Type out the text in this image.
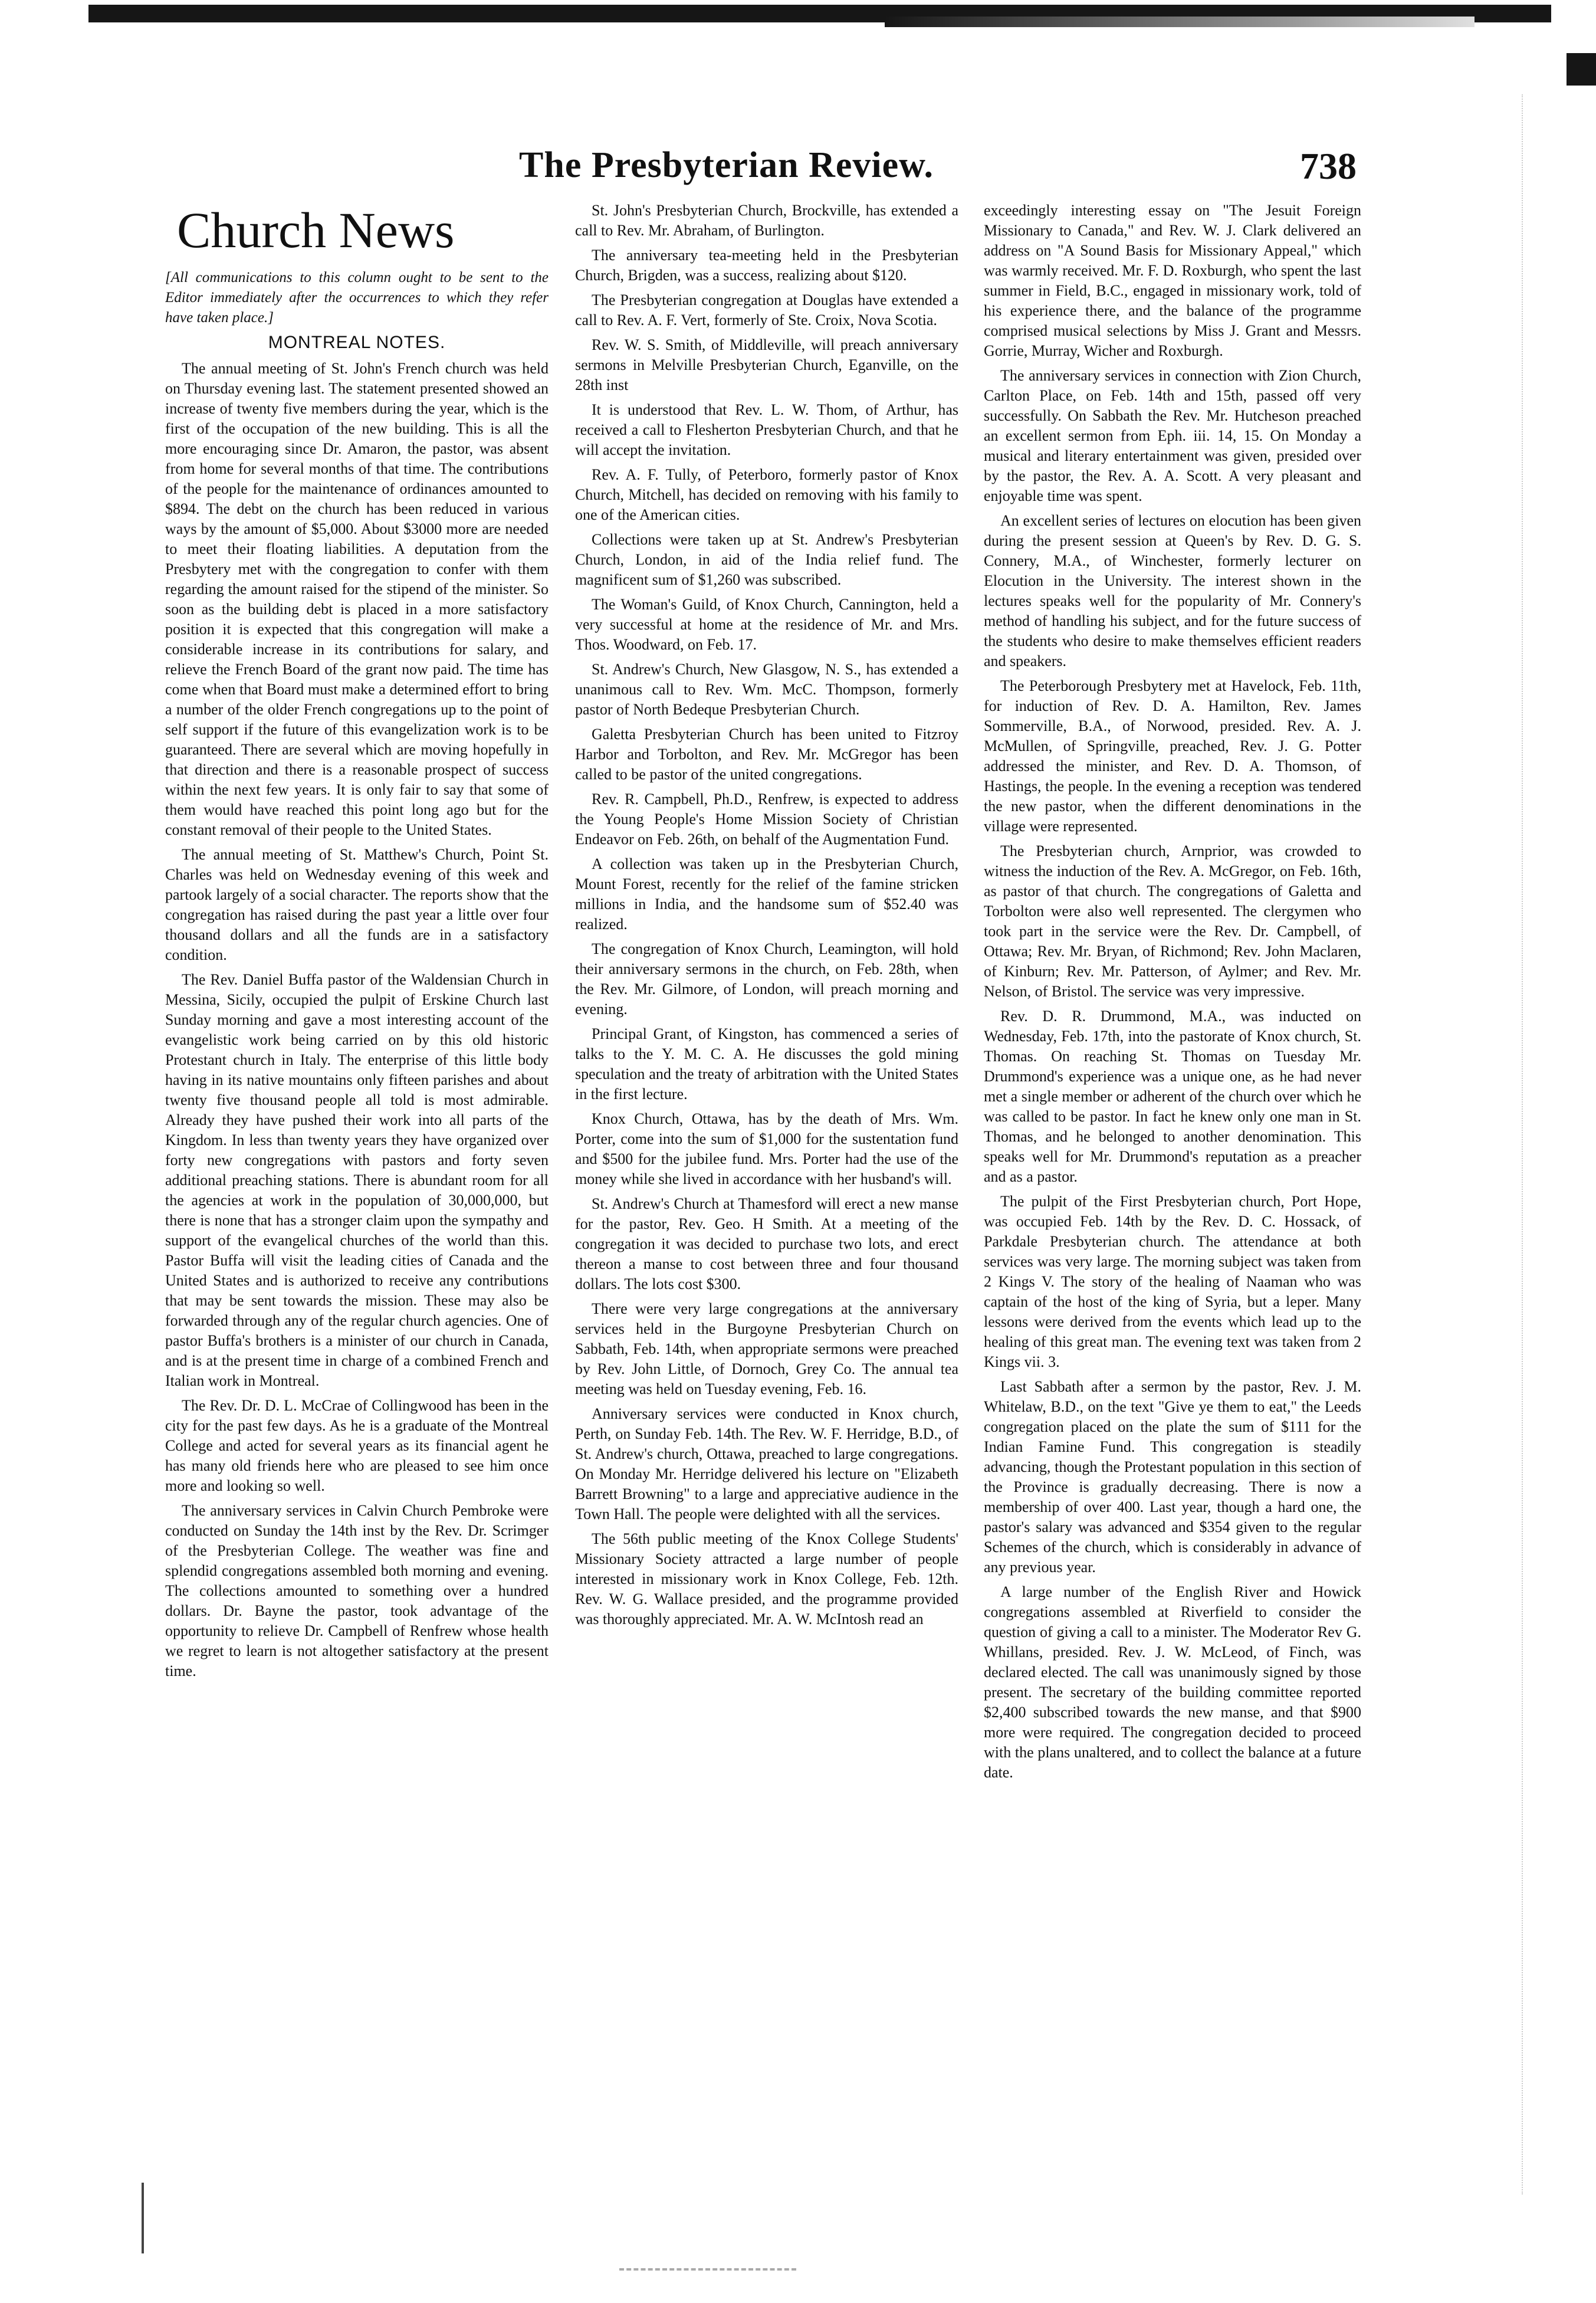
The Presbyterian Review.	738
Church News

[All communications to this column ought to be sent to the Editor immediately after the occurrences to which they refer have taken place.]

MONTREAL NOTES.

The annual meeting of St. John's French church was held on Thursday evening last. The statement presented showed an increase of twenty five members during the year, which is the first of the occupation of the new building. This is all the more encouraging since Dr. Amaron, the pastor, was absent from home for several months of that time. The contributions of the people for the maintenance of ordinances amounted to $894. The debt on the church has been reduced in various ways by the amount of $5,000. About $3000 more are needed to meet their floating liabilities. A deputation from the Presbytery met with the congregation to confer with them regarding the amount raised for the stipend of the minister. So soon as the building debt is placed in a more satisfactory position it is expected that this congregation will make a considerable increase in its contributions for salary, and relieve the French Board of the grant now paid. The time has come when that Board must make a determined effort to bring a number of the older French congregations up to the point of self support if the future of this evangelization work is to be guaranteed. There are several which are moving hopefully in that direction and there is a reasonable prospect of success within the next few years. It is only fair to say that some of them would have reached this point long ago but for the constant removal of their people to the United States.

The annual meeting of St. Matthew's Church, Point St. Charles was held on Wednesday evening of this week and partook largely of a social character. The reports show that the congregation has raised during the past year a little over four thousand dollars and all the funds are in a satisfactory condition.

The Rev. Daniel Buffa pastor of the Waldensian Church in Messina, Sicily, occupied the pulpit of Erskine Church last Sunday morning and gave a most interesting account of the evangelistic work being carried on by this old historic Protestant church in Italy. The enterprise of this little body having in its native mountains only fifteen parishes and about twenty five thousand people all told is most admirable. Already they have pushed their work into all parts of the Kingdom. In less than twenty years they have organized over forty new congregations with pastors and forty seven additional preaching stations. There is abundant room for all the agencies at work in the population of 30,000,000, but there is none that has a stronger claim upon the sympathy and support of the evangelical churches of the world than this. Pastor Buffa will visit the leading cities of Canada and the United States and is authorized to receive any contributions that may be sent towards the mission. These may also be forwarded through any of the regular church agencies. One of pastor Buffa's brothers is a minister of our church in Canada, and is at the present time in charge of a combined French and Italian work in Montreal.

The Rev. Dr. D. L. McCrae of Collingwood has been in the city for the past few days. As he is a graduate of the Montreal College and acted for several years as its financial agent he has many old friends here who are pleased to see him once more and looking so well.

The anniversary services in Calvin Church Pembroke were conducted on Sunday the 14th inst by the Rev. Dr. Scrimger of the Presbyterian College. The weather was fine and splendid congregations assembled both morning and evening. The collections amounted to something over a hundred dollars. Dr. Bayne the pastor, took advantage of the opportunity to relieve Dr. Campbell of Renfrew whose health we regret to learn is not altogether satisfactory at the present time.

St. John's Presbyterian Church, Brockville, has extended a call to Rev. Mr. Abraham, of Burlington.

The anniversary tea-meeting held in the Presbyterian Church, Brigden, was a success, realizing about $120.

The Presbyterian congregation at Douglas have extended a call to Rev. A. F. Vert, formerly of Ste. Croix, Nova Scotia.

Rev. W. S. Smith, of Middleville, will preach anniversary sermons in Melville Presbyterian Church, Eganville, on the 28th inst

It is understood that Rev. L. W. Thom, of Arthur, has received a call to Flesherton Presbyterian Church, and that he will accept the invitation.

Rev. A. F. Tully, of Peterboro, formerly pastor of Knox Church, Mitchell, has decided on removing with his family to one of the American cities.

Collections were taken up at St. Andrew's Presbyterian Church, London, in aid of the India relief fund. The magnificent sum of $1,260 was subscribed.

The Woman's Guild, of Knox Church, Cannington, held a very successful at home at the residence of Mr. and Mrs. Thos. Woodward, on Feb. 17.

St. Andrew's Church, New Glasgow, N. S., has extended a unanimous call to Rev. Wm. McC. Thompson, formerly pastor of North Bedeque Presbyterian Church.

Galetta Presbyterian Church has been united to Fitzroy Harbor and Torbolton, and Rev. Mr. McGregor has been called to be pastor of the united congregations.

Rev. R. Campbell, Ph.D., Renfrew, is expected to address the Young People's Home Mission Society of Christian Endeavor on Feb. 26th, on behalf of the Augmentation Fund.

A collection was taken up in the Presbyterian Church, Mount Forest, recently for the relief of the famine stricken millions in India, and the handsome sum of $52.40 was realized.

The congregation of Knox Church, Leamington, will hold their anniversary sermons in the church, on Feb. 28th, when the Rev. Mr. Gilmore, of London, will preach morning and evening.

Principal Grant, of Kingston, has commenced a series of talks to the Y. M. C. A. He discusses the gold mining speculation and the treaty of arbitration with the United States in the first lecture.

Knox Church, Ottawa, has by the death of Mrs. Wm. Porter, come into the sum of $1,000 for the sustentation fund and $500 for the jubilee fund. Mrs. Porter had the use of the money while she lived in accordance with her husband's will.

St. Andrew's Church at Thamesford will erect a new manse for the pastor, Rev. Geo. H Smith. At a meeting of the congregation it was decided to purchase two lots, and erect thereon a manse to cost between three and four thousand dollars. The lots cost $300.

There were very large congregations at the anniversary services held in the Burgoyne Presbyterian Church on Sabbath, Feb. 14th, when appropriate sermons were preached by Rev. John Little, of Dornoch, Grey Co. The annual tea meeting was held on Tuesday evening, Feb. 16.

Anniversary services were conducted in Knox church, Perth, on Sunday Feb. 14th. The Rev. W. F. Herridge, B.D., of St. Andrew's church, Ottawa, preached to large congregations. On Monday Mr. Herridge delivered his lecture on "Elizabeth Barrett Browning" to a large and appreciative audience in the Town Hall. The people were delighted with all the services.

The 56th public meeting of the Knox College Students' Missionary Society attracted a large number of people interested in missionary work in Knox College, Feb. 12th. Rev. W. G. Wallace presided, and the programme provided was thoroughly appreciated. Mr. A. W. McIntosh read an

exceedingly interesting essay on "The Jesuit Foreign Missionary to Canada," and Rev. W. J. Clark delivered an address on "A Sound Basis for Missionary Appeal," which was warmly received. Mr. F. D. Roxburgh, who spent the last summer in Field, B.C., engaged in missionary work, told of his experience there, and the balance of the programme comprised musical selections by Miss J. Grant and Messrs. Gorrie, Murray, Wicher and Roxburgh.

The anniversary services in connection with Zion Church, Carlton Place, on Feb. 14th and 15th, passed off very successfully. On Sabbath the Rev. Mr. Hutcheson preached an excellent sermon from Eph. iii. 14, 15. On Monday a musical and literary entertainment was given, presided over by the pastor, the Rev. A. A. Scott. A very pleasant and enjoyable time was spent.

An excellent series of lectures on elocution has been given during the present session at Queen's by Rev. D. G. S. Connery, M.A., of Winchester, formerly lecturer on Elocution in the University. The interest shown in the lectures speaks well for the popularity of Mr. Connery's method of handling his subject, and for the future success of the students who desire to make themselves efficient readers and speakers.

The Peterborough Presbytery met at Havelock, Feb. 11th, for induction of Rev. D. A. Hamilton, Rev. James Sommerville, B.A., of Norwood, presided. Rev. A. J. McMullen, of Springville, preached, Rev. J. G. Potter addressed the minister, and Rev. D. A. Thomson, of Hastings, the people. In the evening a reception was tendered the new pastor, when the different denominations in the village were represented.

The Presbyterian church, Arnprior, was crowded to witness the induction of the Rev. A. McGregor, on Feb. 16th, as pastor of that church. The congregations of Galetta and Torbolton were also well represented. The clergymen who took part in the service were the Rev. Dr. Campbell, of Ottawa; Rev. Mr. Bryan, of Richmond; Rev. John Maclaren, of Kinburn; Rev. Mr. Patterson, of Aylmer; and Rev. Mr. Nelson, of Bristol. The service was very impressive.

Rev. D. R. Drummond, M.A., was inducted on Wednesday, Feb. 17th, into the pastorate of Knox church, St. Thomas. On reaching St. Thomas on Tuesday Mr. Drummond's experience was a unique one, as he had never met a single member or adherent of the church over which he was called to be pastor. In fact he knew only one man in St. Thomas, and he belonged to another denomination. This speaks well for Mr. Drummond's reputation as a preacher and as a pastor.

The pulpit of the First Presbyterian church, Port Hope, was occupied Feb. 14th by the Rev. D. C. Hossack, of Parkdale Presbyterian church. The attendance at both services was very large. The morning subject was taken from 2 Kings V. The story of the healing of Naaman who was captain of the host of the king of Syria, but a leper. Many lessons were derived from the events which lead up to the healing of this great man. The evening text was taken from 2 Kings vii. 3.

Last Sabbath after a sermon by the pastor, Rev. J. M. Whitelaw, B.D., on the text "Give ye them to eat," the Leeds congregation placed on the plate the sum of $111 for the Indian Famine Fund. This congregation is steadily advancing, though the Protestant population in this section of the Province is gradually decreasing. There is now a membership of over 400. Last year, though a hard one, the pastor's salary was advanced and $354 given to the regular Schemes of the church, which is considerably in advance of any previous year.

A large number of the English River and Howick congregations assembled at Riverfield to consider the question of giving a call to a minister. The Moderator Rev G. Whillans, presided. Rev. J. W. McLeod, of Finch, was declared elected. The call was unanimously signed by those present. The secretary of the building committee reported $2,400 subscribed towards the new manse, and that $900 more were required. The congregation decided to proceed with the plans unaltered, and to collect the balance at a future date.
